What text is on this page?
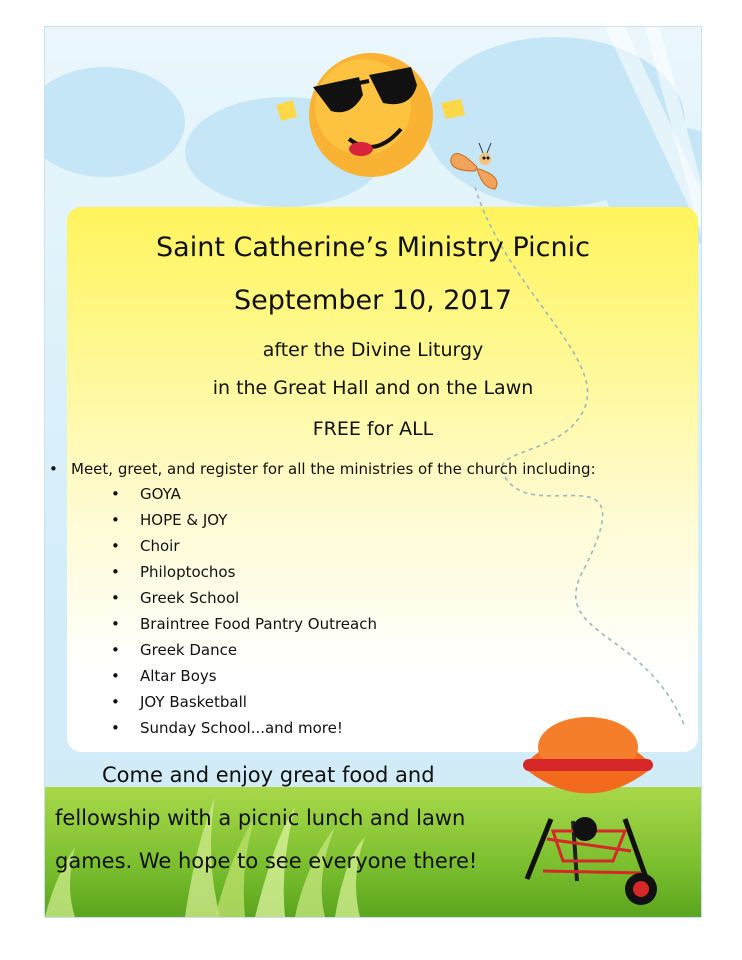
Saint Catherine’s Ministry Picnic
September 10, 2017
after the Divine Liturgy
in the Great Hall and on the Lawn
FREE for ALL
• Meet, greet, and register for all the ministries of the church including:
• GOYA
• HOPE & JOY
• Choir
• Philoptochos
• Greek School
• Braintree Food Pantry Outreach
• Greek Dance
• Altar Boys
• JOY Basketball
• Sunday School...and more!
Come and enjoy great food and
fellowship with a picnic lunch and lawn
games. We hope to see everyone there!
